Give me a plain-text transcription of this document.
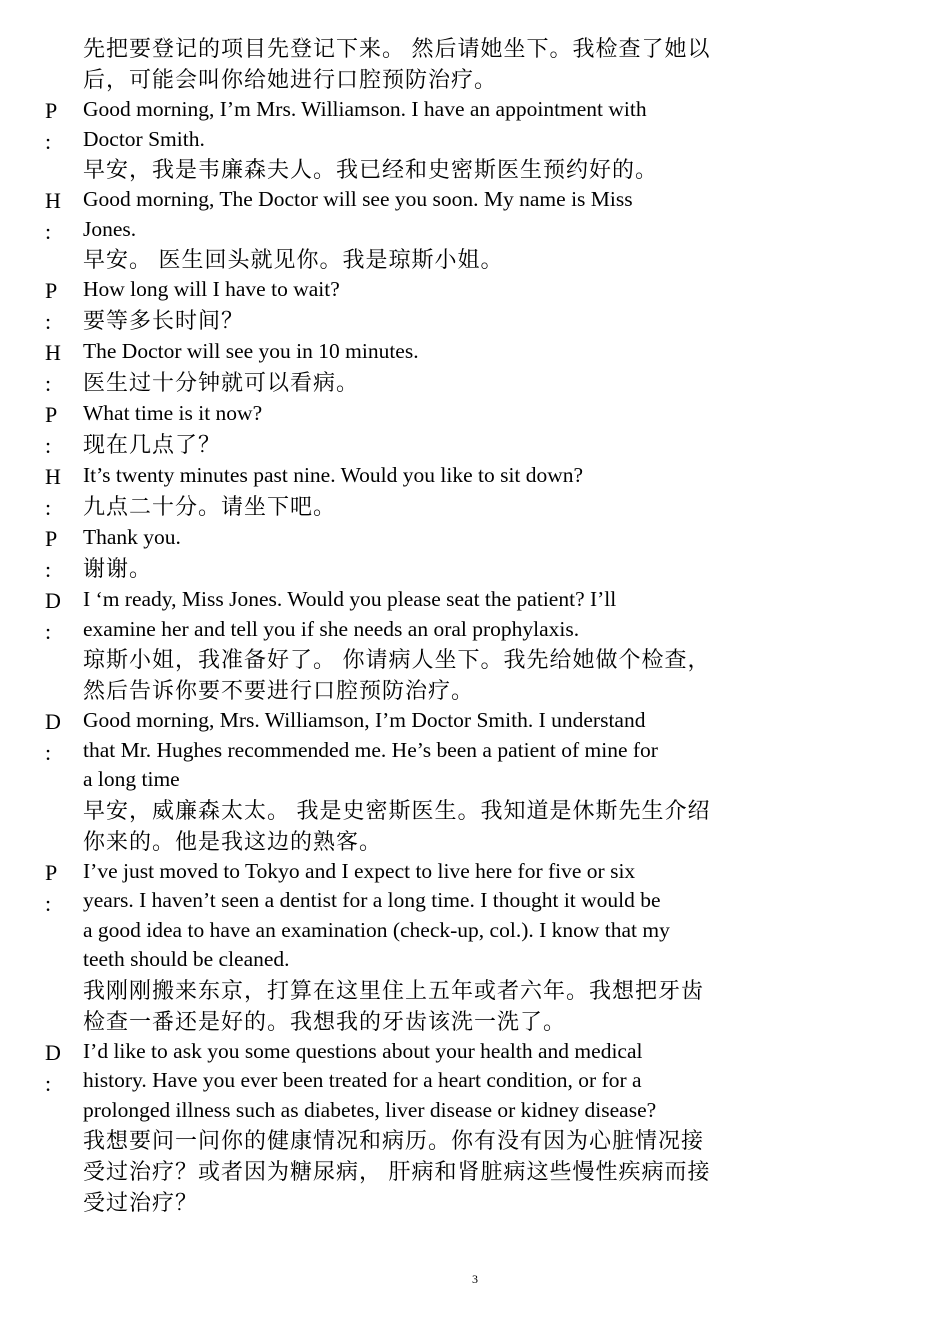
先把要登记的项目先登记下来。 然后请她坐下。我检查了她以
后，可能会叫你给她进行口腔预防治疗。
P
:
Good morning, I’m Mrs. Williamson. I have an appointment with
Doctor Smith.
早安，我是韦廉森夫人。我已经和史密斯医生预约好的。
H
:
Good morning, The Doctor will see you soon. My name is Miss
Jones.
早安。 医生回头就见你。我是琼斯小姐。
P
:
How long will I have to wait?
要等多长时间？
H
:
The Doctor will see you in 10 minutes.
医生过十分钟就可以看病。
P
:
What time is it now?
现在几点了？
H
:
It’s twenty minutes past nine. Would you like to sit down?
九点二十分。请坐下吧。
P
:
Thank you.
谢谢。
D
:
I ‘m ready, Miss Jones. Would you please seat the patient? I’ll
examine her and tell you if she needs an oral prophylaxis.
琼斯小姐，我准备好了。 你请病人坐下。我先给她做个检查，
然后告诉你要不要进行口腔预防治疗。
D
:
Good morning, Mrs. Williamson, I’m Doctor Smith. I understand
that Mr. Hughes recommended me. He’s been a patient of mine for
a long time
早安，威廉森太太。 我是史密斯医生。我知道是休斯先生介绍
你来的。他是我这边的熟客。
P
:
I’ve just moved to Tokyo and I expect to live here for five or six
years. I haven’t seen a dentist for a long time. I thought it would be
a good idea to have an examination (check-up, col.). I know that my
teeth should be cleaned.
我刚刚搬来东京，打算在这里住上五年或者六年。我想把牙齿
检查一番还是好的。我想我的牙齿该洗一洗了。
D
:
I’d like to ask you some questions about your health and medical
history. Have you ever been treated for a heart condition, or for a
prolonged illness such as diabetes, liver disease or kidney disease?
我想要问一问你的健康情况和病历。你有没有因为心脏情况接
受过治疗？或者因为糖尿病， 肝病和肾脏病这些慢性疾病而接
受过治疗？
3
